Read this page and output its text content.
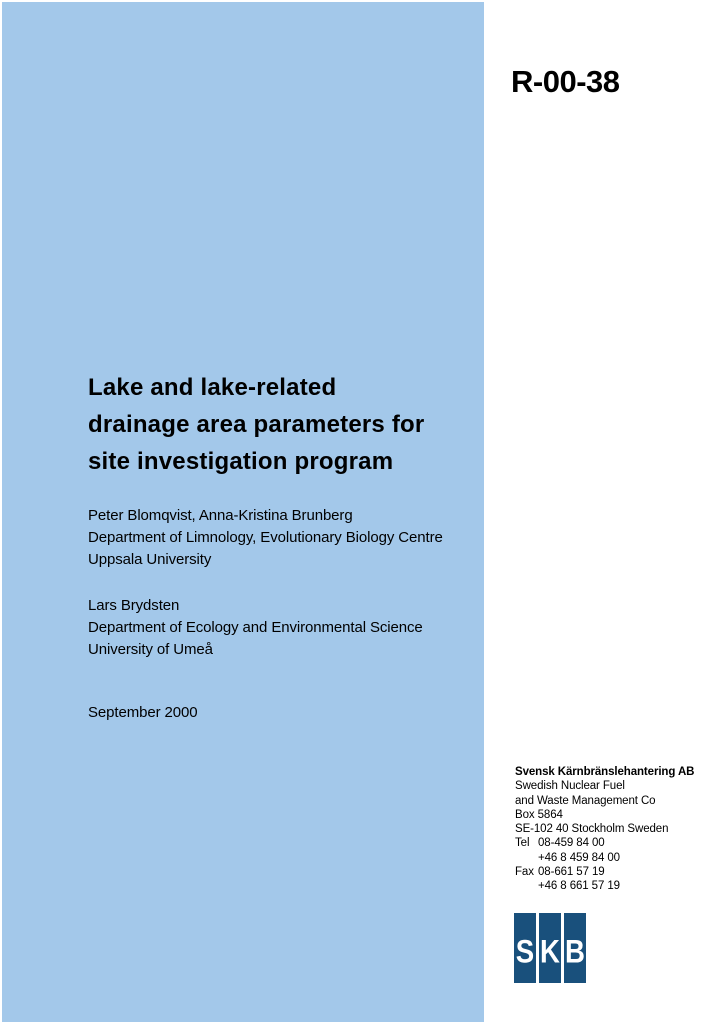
R-00-38
Lake and lake-related
drainage area parameters for
site investigation program
Peter Blomqvist, Anna-Kristina Brunberg
Department of Limnology, Evolutionary Biology Centre
Uppsala University
Lars Brydsten
Department of Ecology and Environmental Science
University of Umeå
September 2000
Svensk Kärnbränslehantering AB
Swedish Nuclear Fuel
and Waste Management Co
Box 5864
SE-102 40 Stockholm Sweden
Tel 08-459 84 00
+46 8 459 84 00
Fax 08-661 57 19
+46 8 661 57 19
S K B
